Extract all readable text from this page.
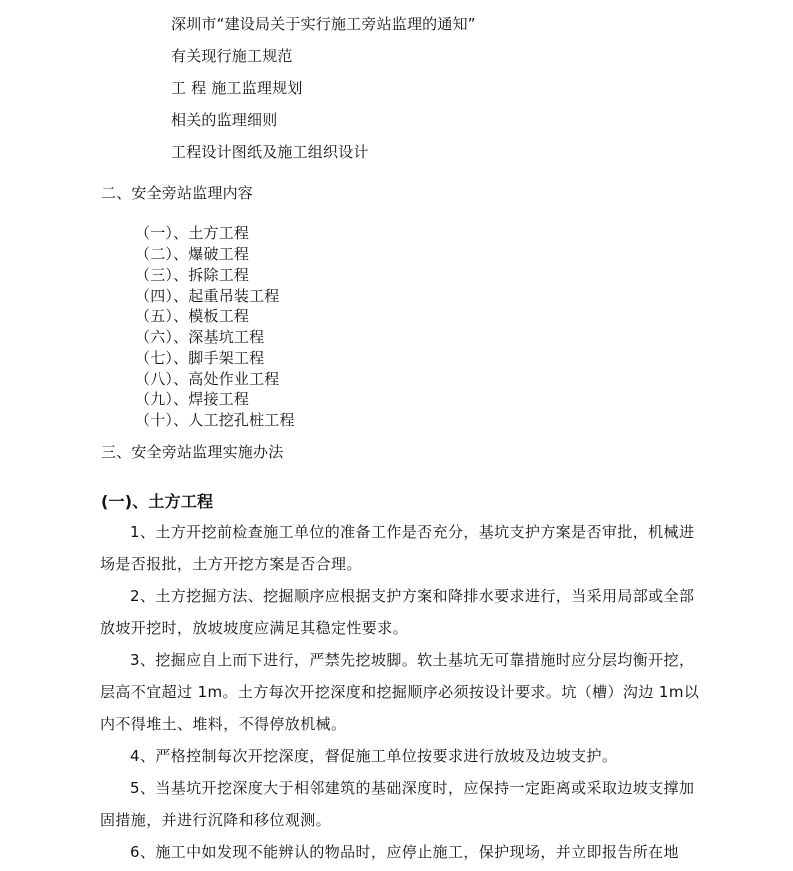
深圳市“建设局关于实行施工旁站监理的通知”
有关现行施工规范
工 程 施工监理规划
相关的监理细则
工程设计图纸及施工组织设计
二、安全旁站监理内容
（一）、土方工程
（二）、爆破工程
（三）、拆除工程
（四）、起重吊装工程
（五）、模板工程
（六）、深基坑工程
（七）、脚手架工程
（八）、高处作业工程
（九）、焊接工程
（十）、人工挖孔桩工程
三、安全旁站监理实施办法
(一)、土方工程
1、土方开挖前检查施工单位的准备工作是否充分，基坑支护方案是否审批，机械进场是否报批，土方开挖方案是否合理。
2、土方挖掘方法、挖掘顺序应根据支护方案和降排水要求进行，当采用局部或全部放坡开挖时，放坡坡度应满足其稳定性要求。
3、挖掘应自上而下进行，严禁先挖坡脚。软土基坑无可靠措施时应分层均衡开挖，层高不宜超过 1m。土方每次开挖深度和挖掘顺序必须按设计要求。坑（槽）沟边 1m以内不得堆土、堆料，不得停放机械。
4、严格控制每次开挖深度，督促施工单位按要求进行放坡及边坡支护。
5、当基坑开挖深度大于相邻建筑的基础深度时，应保持一定距离或采取边坡支撑加固措施，并进行沉降和移位观测。
6、施工中如发现不能辨认的物品时，应停止施工，保护现场，并立即报告所在地
